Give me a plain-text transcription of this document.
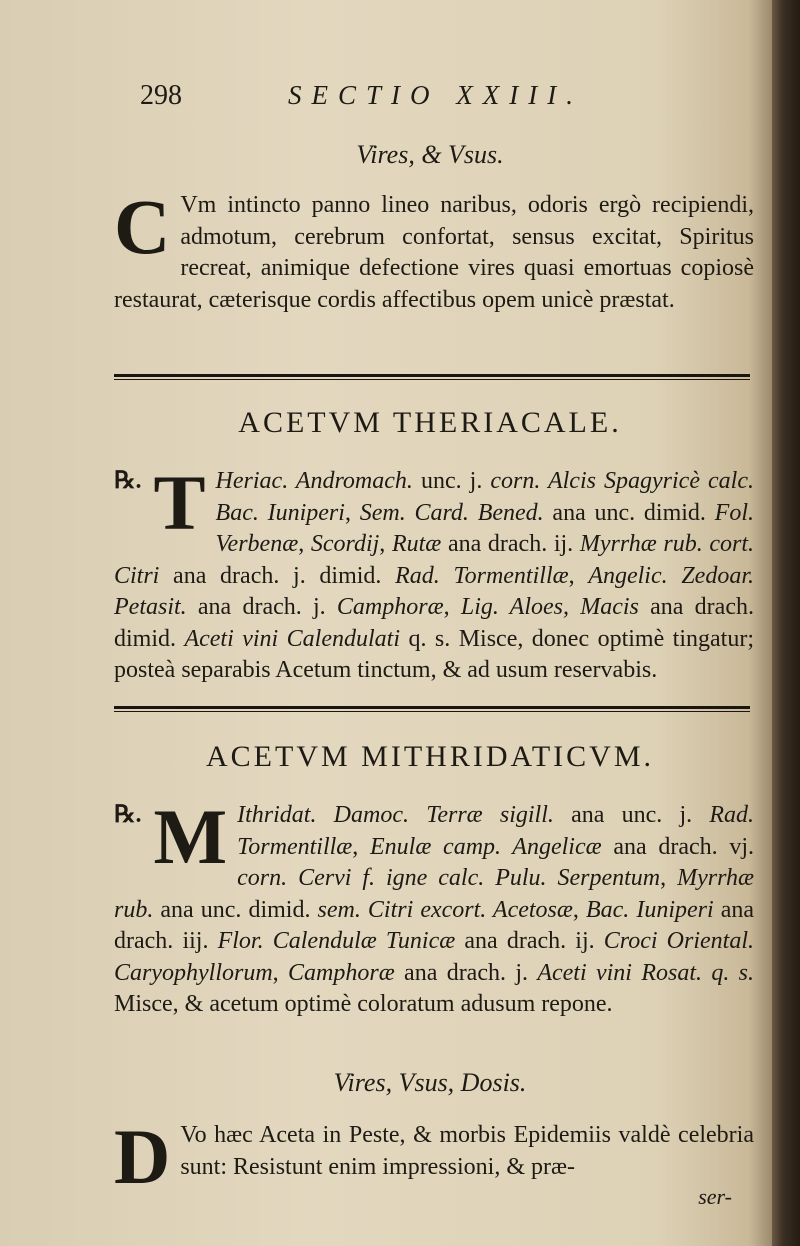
298	SECTIO XXIII.
Vires, & Vsus.
C Vm intincto panno lineo naribus, odoris ergò recipiendi, admotum, cerebrum confortat, sensus excitat, Spiritus recreat, animique defectione vires quasi emortuas copiosè restaurat, cæterisque cordis affectibus opem unicè præstat.
ACETVM THERIACALE.
℞. T Heriac. Andromach. unc. j. corn. Alcis Spagyricè calc. Bac. Iuniperi, Sem. Card. Bened. ana unc. dimid. Fol. Verbenæ, Scordij, Rutæ ana drach. ij. Myrrhæ rub. cort. Citri ana drach. j. dimid. Rad. Tormentillæ, Angelic. Zedoar. Petasit. ana drach. j. Camphoræ, Lig. Aloes, Macis ana drach. dimid. Aceti vini Calendulati q. s. Misce, donec optimè tingatur; posteà separabis Acetum tinctum, & ad usum reservabis.
ACETVM MITHRIDATICVM.
℞. M Ithridat. Damoc. Terræ sigill. ana unc. j. Rad. Tormentillæ, Enulæ camp. Angelicæ ana drach. vj. corn. Cervi f. igne calc. Pulu. Serpentum, Myrrhæ rub. ana unc. dimid. sem. Citri excort. Acetosæ, Bac. Iuniperi ana drach. iij. Flor. Calendulæ Tunicæ ana drach. ij. Croci Oriental. Caryophyllorum, Camphoræ ana drach. j. Aceti vini Rosat. q. s. Misce, & acetum optimè coloratum adusum repone.
Vires, Vsus, Dosis.
D Vo hæc Aceta in Peste, & morbis Epidemiis valdè celebria sunt: Resistunt enim impressioni, & præ-
ser-
